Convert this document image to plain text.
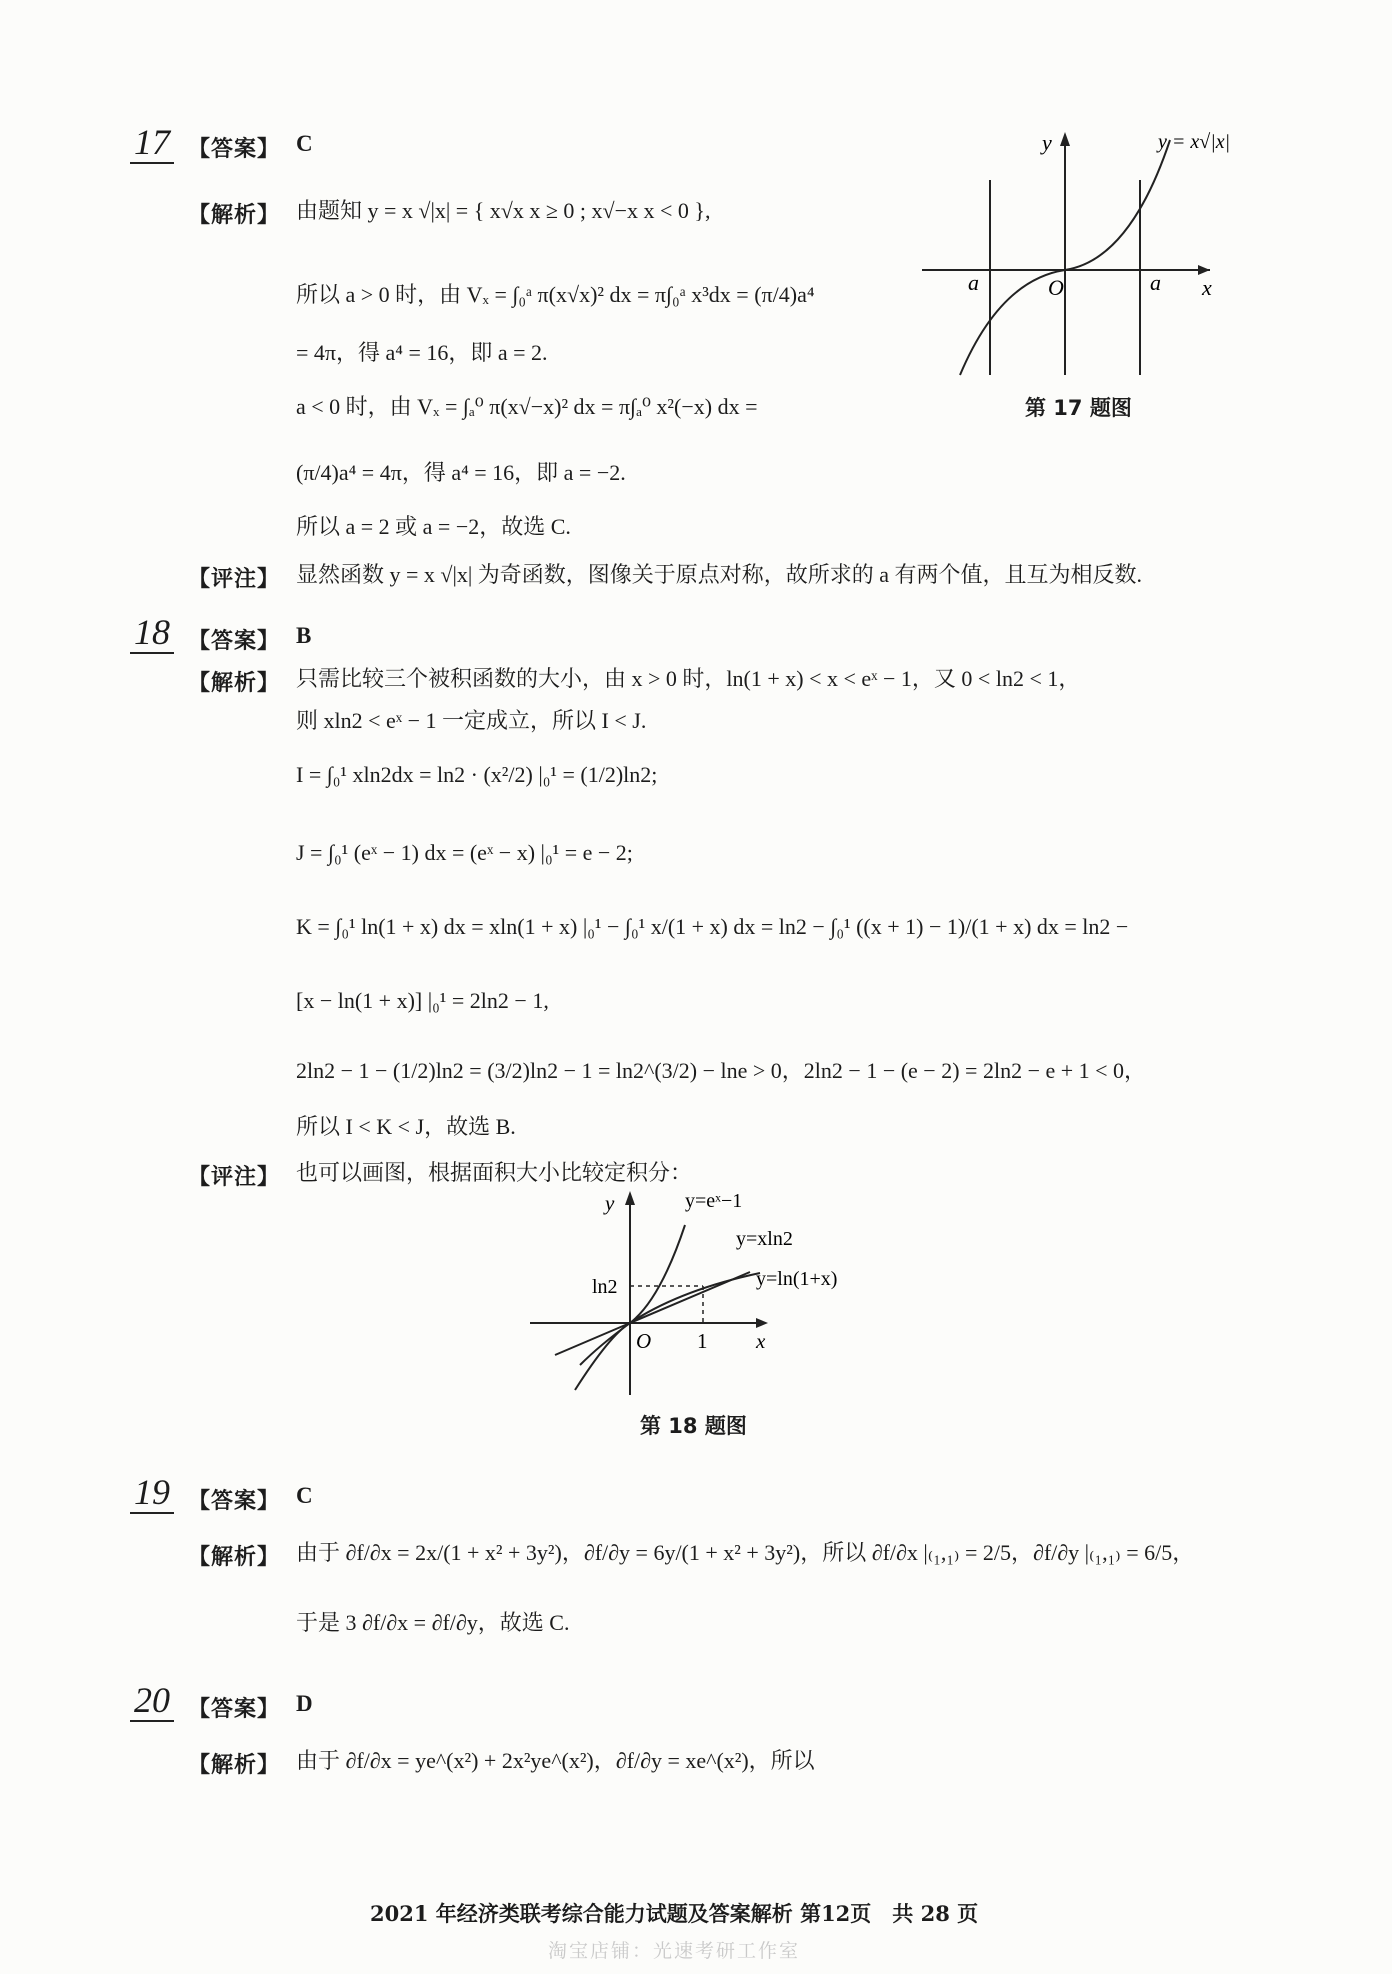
17 【答案】 C
【解析】 由题知 y = x √|x| = { x√x x ≥ 0 ; x√−x x < 0 },
所以 a > 0 时，由 Vₓ = ∫₀ᵃ π(x√x)² dx = π∫₀ᵃ x³dx = (π/4)a⁴
= 4π，得 a⁴ = 16，即 a = 2.
a < 0 时，由 Vₓ = ∫ₐ⁰ π(x√−x)² dx = π∫ₐ⁰ x²(−x) dx =
(π/4)a⁴ = 4π，得 a⁴ = 16，即 a = −2.
所以 a = 2 或 a = −2，故选 C.
【评注】 显然函数 y = x √|x| 为奇函数，图像关于原点对称，故所求的 a 有两个值，且互为相反数.
y
x
O
a	a
y = x√|x|
第 17 题图
18 【答案】 B
【解析】 只需比较三个被积函数的大小，由 x > 0 时，ln(1 + x) < x < eˣ − 1，又 0 < ln2 < 1，
则 xln2 < eˣ − 1 一定成立，所以 I < J.
I = ∫₀¹ xln2dx = ln2 · (x²/2) |₀¹ = (1/2)ln2;
J = ∫₀¹ (eˣ − 1) dx = (eˣ − x) |₀¹ = e − 2;
K = ∫₀¹ ln(1 + x) dx = xln(1 + x) |₀¹ − ∫₀¹ x/(1 + x) dx = ln2 − ∫₀¹ ((x + 1) − 1)/(1 + x) dx = ln2 −
[x − ln(1 + x)] |₀¹ = 2ln2 − 1,
2ln2 − 1 − (1/2)ln2 = (3/2)ln2 − 1 = ln2^(3/2) − lne > 0，2ln2 − 1 − (e − 2) = 2ln2 − e + 1 < 0，
所以 I < K < J，故选 B.
【评注】 也可以画图，根据面积大小比较定积分：
y
x
O 1
ln2
y=eˣ−1
y=xln2
y=ln(1+x)
第 18 题图
19 【答案】 C
【解析】 由于 ∂f/∂x = 2x/(1 + x² + 3y²)，∂f/∂y = 6y/(1 + x² + 3y²)，所以 ∂f/∂x |₍₁,₁₎ = 2/5，∂f/∂y |₍₁,₁₎ = 6/5，
于是 3 ∂f/∂x = ∂f/∂y，故选 C.
20 【答案】 D
【解析】 由于 ∂f/∂x = ye^(x²) + 2x²ye^(x²)，∂f/∂y = xe^(x²)，所以
2021 年经济类联考综合能力试题及答案解析 第12页　共 28 页
淘宝店铺：光速考研工作室
